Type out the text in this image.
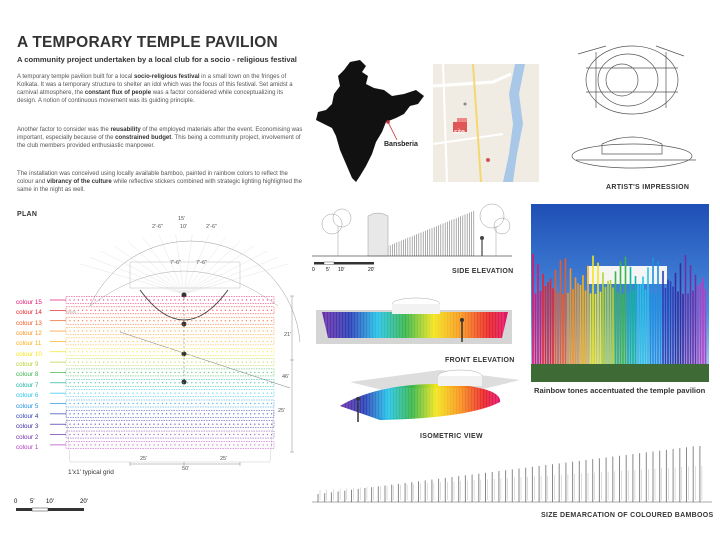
A TEMPORARY TEMPLE PAVILION
A community project undertaken by a local club for a socio - religious festival

A temporary temple pavilion built for a local socio-religious festival in a small town on the fringes of Kolkata. It was a temporary structure to shelter an idol which was the focus of this festival. Set amidst a carnival atmosphere, the constant flux of people was a factor considered while conceptualizing its design. A notion of continuous movement was its guiding principle.

Another factor to consider was the reusability of the employed materials after the event. Economising was important, especially because of the constrained budget. This being a community project, involvement of the club members provided enthusiastic manpower.

The installation was conceived using locally available bamboo, painted in rainbow colors to reflect the colour and vibrancy of the culture while reflective stickers combined with strategic lighting highlighted the same in the night as well.

Bansberia
site
ARTIST'S IMPRESSION
PLAN
15'
10'
2'-6"	2'-6"
7'-6"	7'-6"
25'	25'
50'
21'
46'
25'
colour 15
colour 14
colour 13
colour 12
colour 11
colour 10
colour 9
colour 8
colour 7
colour 6
colour 5
colour 4
colour 3
colour 2
colour 1
1'x1' typical grid
0 5' 10'	20'
0 5' 10'	20'	SIDE ELEVATION
FRONT ELEVATION
ISOMETRIC VIEW
Rainbow tones accentuated the temple pavilion
SIZE DEMARCATION OF COLOURED BAMBOOS
